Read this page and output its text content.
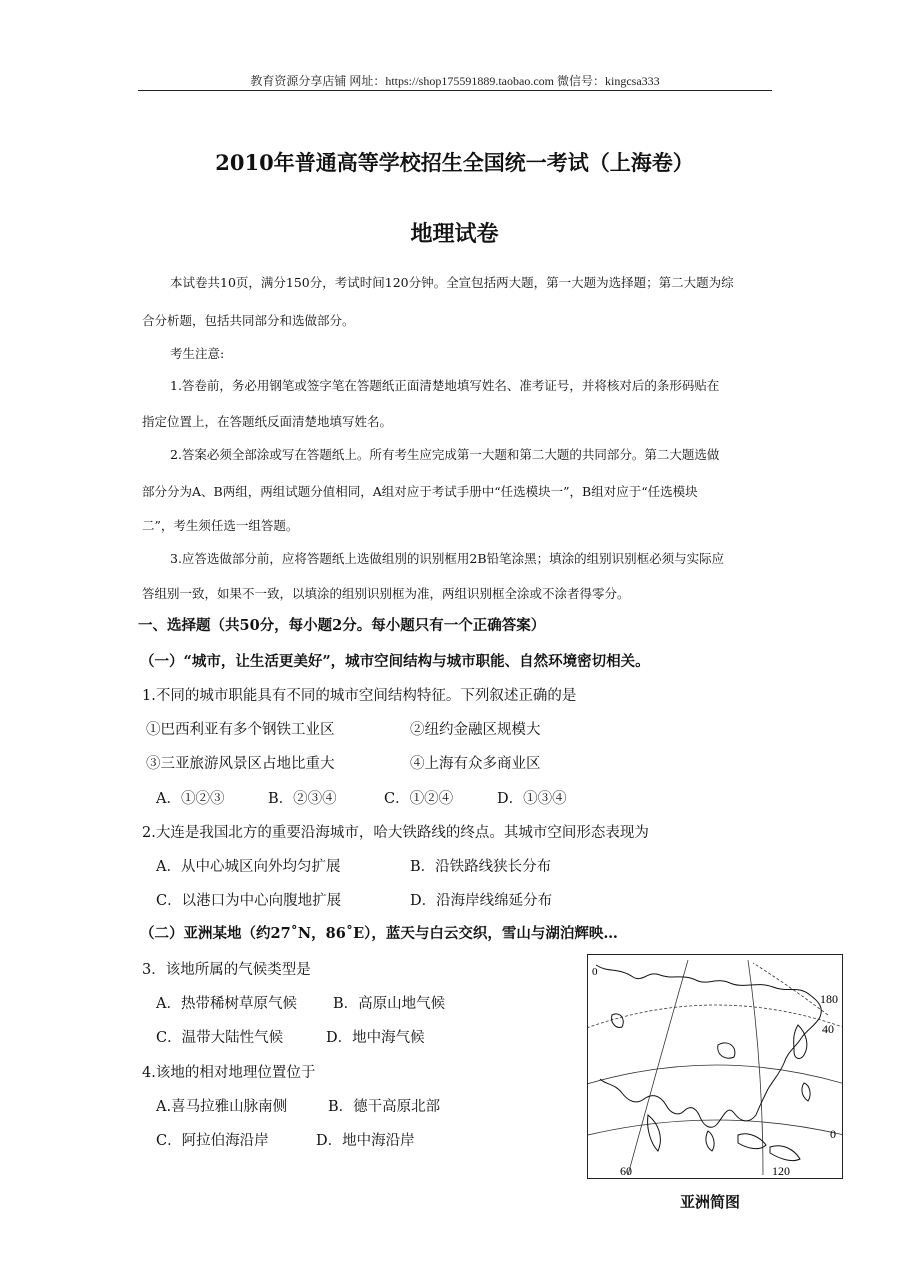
教育资源分享店铺 网址：https://shop175591889.taobao.com 微信号：kingcsa333
2010年普通高等学校招生全国统一考试（上海卷）
地理试卷
本试卷共10页，满分150分，考试时间120分钟。全宣包括两大题，第一大题为选择題；第二大题为综
合分析题，包括共同部分和选做部分。
考生注意:
1.答卷前，务必用钢笔或签字笔在答题纸正面清楚地填写姓名、准考证号，并将核对后的条形码贴在
指定位置上，在答题纸反面清楚地填写姓名。
2.答案必须全部涂或写在答题纸上。所有考生应完成第一大题和第二大题的共同部分。第二大题选做
部分分为A、B两组，两组试题分值相同，A组对应于考试手册中“任选模块一”，B组对应于“任选模块
二”，考生须任选一组答题。
3.应答选做部分前，应将答题纸上选做组別的识别框用2B铅笔涂黑；填涂的组别识别框必须与实际应
答组别一致，如果不一致，以填涂的组别识别框为准，两组识别框全涂或不涂者得零分。
一、选择题（共50分，每小题2分。每小题只有一个正确答案）
（一）“城市，让生活更美好”，城市空间结构与城市职能、自然环境密切相关。
1.不同的城市职能具有不同的城市空间结构特征。下列叙述正确的是
①巴西利亚有多个钢铁工业区	②纽约金融区规模大
③三亚旅游风景区占地比重大	④上海有众多商业区
A．①②③	B．②③④	C．①②④	D．①③④
2.大连是我国北方的重要沿海城市，哈大铁路线的终点。其城市空间形态表现为
A．从中心城区向外均匀扩展	B．沿铁路线狭长分布
C．以港口为中心向腹地扩展	D．沿海岸线绵延分布
（二）亚洲某地（约27˚N，86˚E），蓝天与白云交织，雪山与湖泊辉映…
3．该地所属的气候类型是
A．热带稀树草原气候 B．高原山地气候
C．温带大陆性气候	D．地中海气候
4.该地的相对地理位置位于
A.喜马拉雅山脉南侧	B．德干高原北部
C．阿拉伯海沿岸	D．地中海沿岸
0
180
40
0
60	120
亚洲简图
